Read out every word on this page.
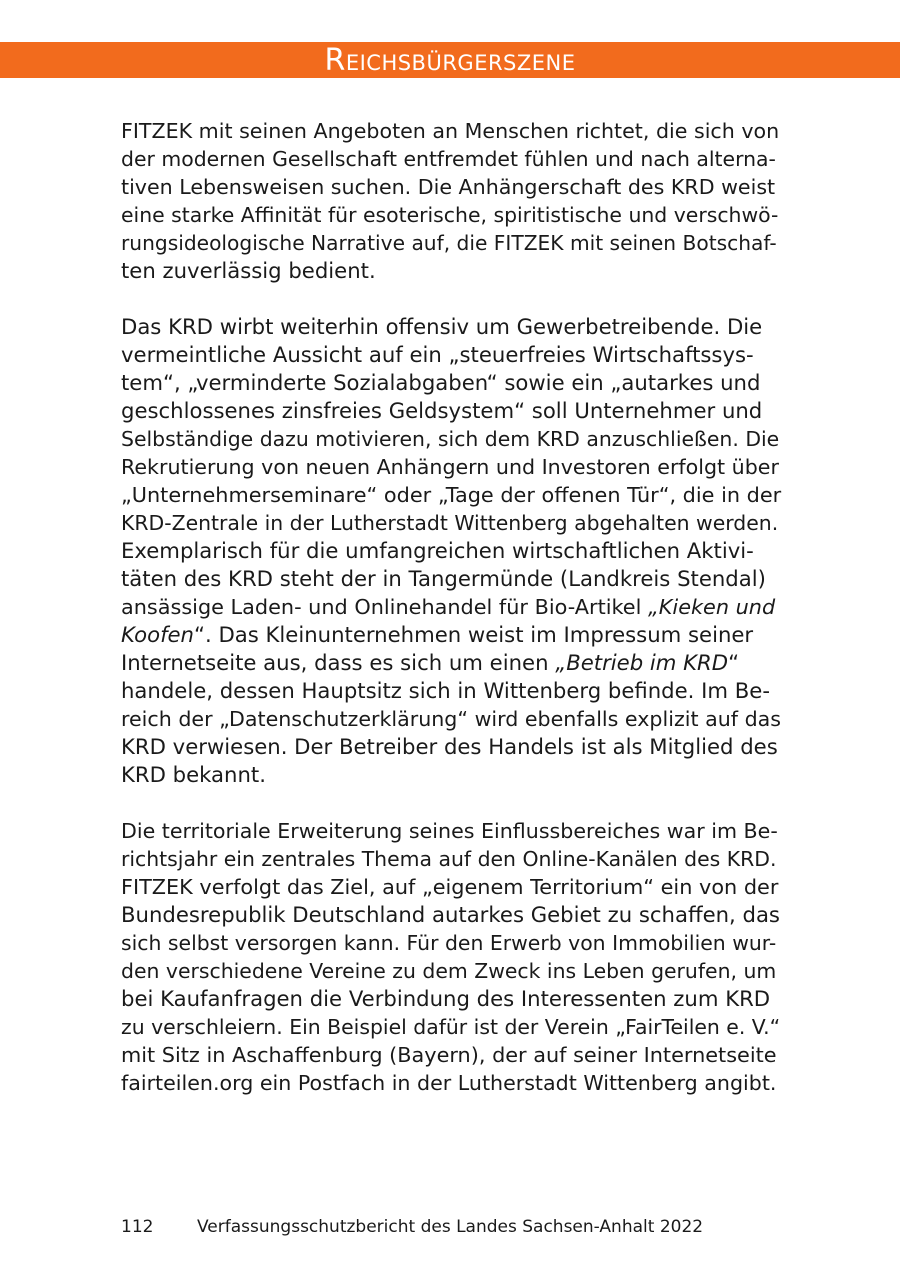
Reichsbürgerszene
FITZEK mit seinen Angeboten an Menschen richtet, die sich von
der modernen Gesellschaft entfremdet fühlen und nach alterna-
tiven Lebensweisen suchen. Die Anhängerschaft des KRD weist
eine starke Affinität für esoterische, spiritistische und verschwö-
rungsideologische Narrative auf, die FITZEK mit seinen Botschaf-
ten zuverlässig bedient.
Das KRD wirbt weiterhin offensiv um Gewerbetreibende. Die
vermeintliche Aussicht auf ein „steuerfreies Wirtschaftssys-
tem“, „verminderte Sozialabgaben“ sowie ein „autarkes und
geschlossenes zinsfreies Geldsystem“ soll Unternehmer und
Selbständige dazu motivieren, sich dem KRD anzuschließen. Die
Rekrutierung von neuen Anhängern und Investoren erfolgt über
„Unternehmerseminare“ oder „Tage der offenen Tür“, die in der
KRD-Zentrale in der Lutherstadt Wittenberg abgehalten werden.
Exemplarisch für die umfangreichen wirtschaftlichen Aktivi-
täten des KRD steht der in Tangermünde (Landkreis Stendal)
ansässige Laden- und Onlinehandel für Bio-Artikel „Kieken und
Koofen“. Das Kleinunternehmen weist im Impressum seiner
Internetseite aus, dass es sich um einen „Betrieb im KRD“
handele, dessen Hauptsitz sich in Wittenberg befinde. Im Be-
reich der „Datenschutzerklärung“ wird ebenfalls explizit auf das
KRD verwiesen. Der Betreiber des Handels ist als Mitglied des
KRD bekannt.
Die territoriale Erweiterung seines Einflussbereiches war im Be-
richtsjahr ein zentrales Thema auf den Online-Kanälen des KRD.
FITZEK verfolgt das Ziel, auf „eigenem Territorium“ ein von der
Bundesrepublik Deutschland autarkes Gebiet zu schaffen, das
sich selbst versorgen kann. Für den Erwerb von Immobilien wur-
den verschiedene Vereine zu dem Zweck ins Leben gerufen, um
bei Kaufanfragen die Verbindung des Interessenten zum KRD
zu verschleiern. Ein Beispiel dafür ist der Verein „FairTeilen e. V.“
mit Sitz in Aschaffenburg (Bayern), der auf seiner Internetseite
fairteilen.org ein Postfach in der Lutherstadt Wittenberg angibt.
112	Verfassungsschutzbericht des Landes Sachsen-Anhalt 2022
